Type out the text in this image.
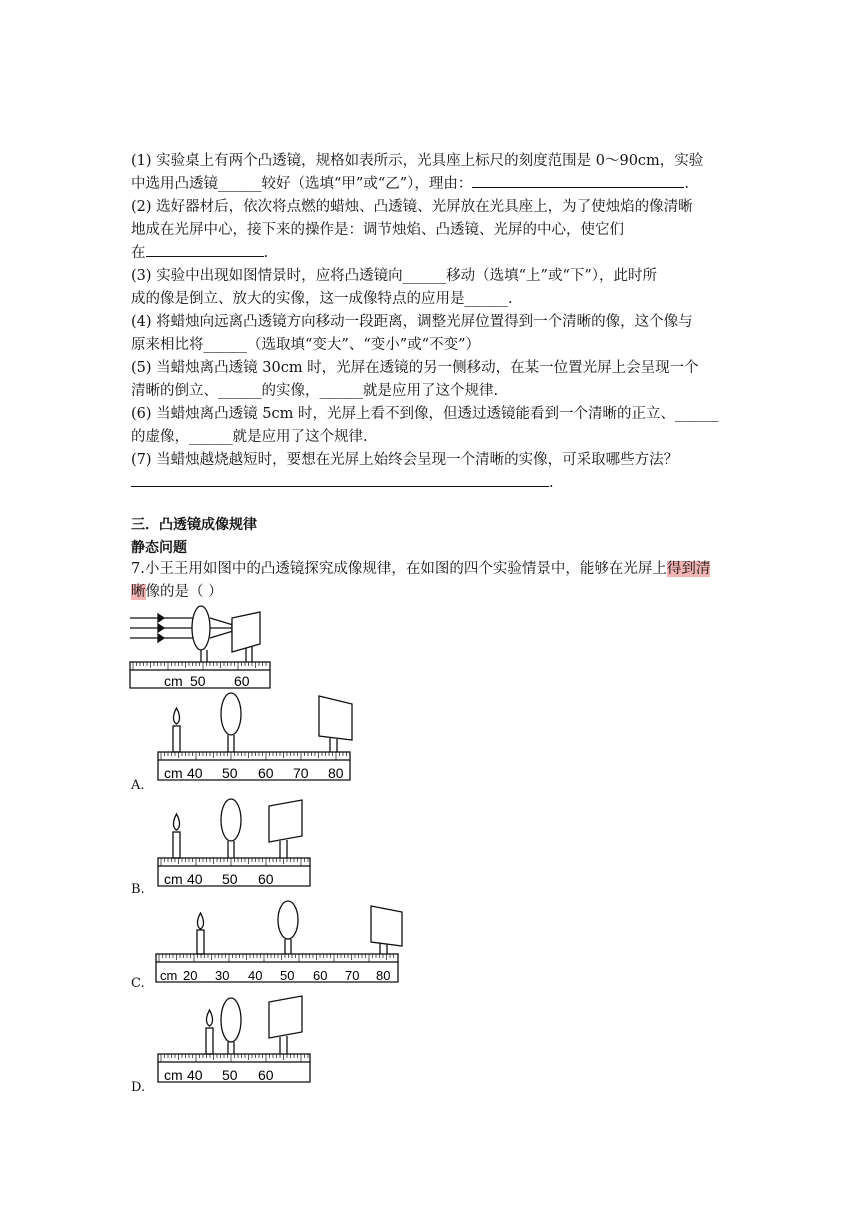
(1) 实验桌上有两个凸透镜，规格如表所示，光具座上标尺的刻度范围是 0～90cm，实验
中选用凸透镜______较好（选填“甲”或“乙”），理由：	.
(2) 选好器材后，依次将点燃的蜡烛、凸透镜、光屏放在光具座上，为了使烛焰的像清晰
地成在光屏中心，接下来的操作是：调节烛焰、凸透镜、光屏的中心，使它们
在	.
(3) 实验中出现如图情景时，应将凸透镜向______移动（选填“上”或“下”），此时所
成的像是倒立、放大的实像，这一成像特点的应用是______.
(4) 将蜡烛向远离凸透镜方向移动一段距离，调整光屏位置得到一个清晰的像，这个像与
原来相比将______（选取填“变大”、“变小”或“不变”）
(5) 当蜡烛离凸透镜 30cm 时，光屏在透镜的另一侧移动，在某一位置光屏上会呈现一个
清晰的倒立、______的实像，______就是应用了这个规律.
(6) 当蜡烛离凸透镜 5cm 时，光屏上看不到像，但透过透镜能看到一个清晰的正立、______
的虚像，______就是应用了这个规律.
(7) 当蜡烛越烧越短时，要想在光屏上始终会呈现一个清晰的实像，可采取哪些方法？
.
三．凸透镜成像规律
静态问题
7.小王王用如图中的凸透镜探究成像规律，在如图的四个实验情景中，能够在光屏上得到清
晰像的是（ ）
cm 50 60
cm 40 50 60 70 80
A.
cm 40 50 60
B.
cm 20 30 40 50 60 70 80
C.
cm 40 50 60
D.
